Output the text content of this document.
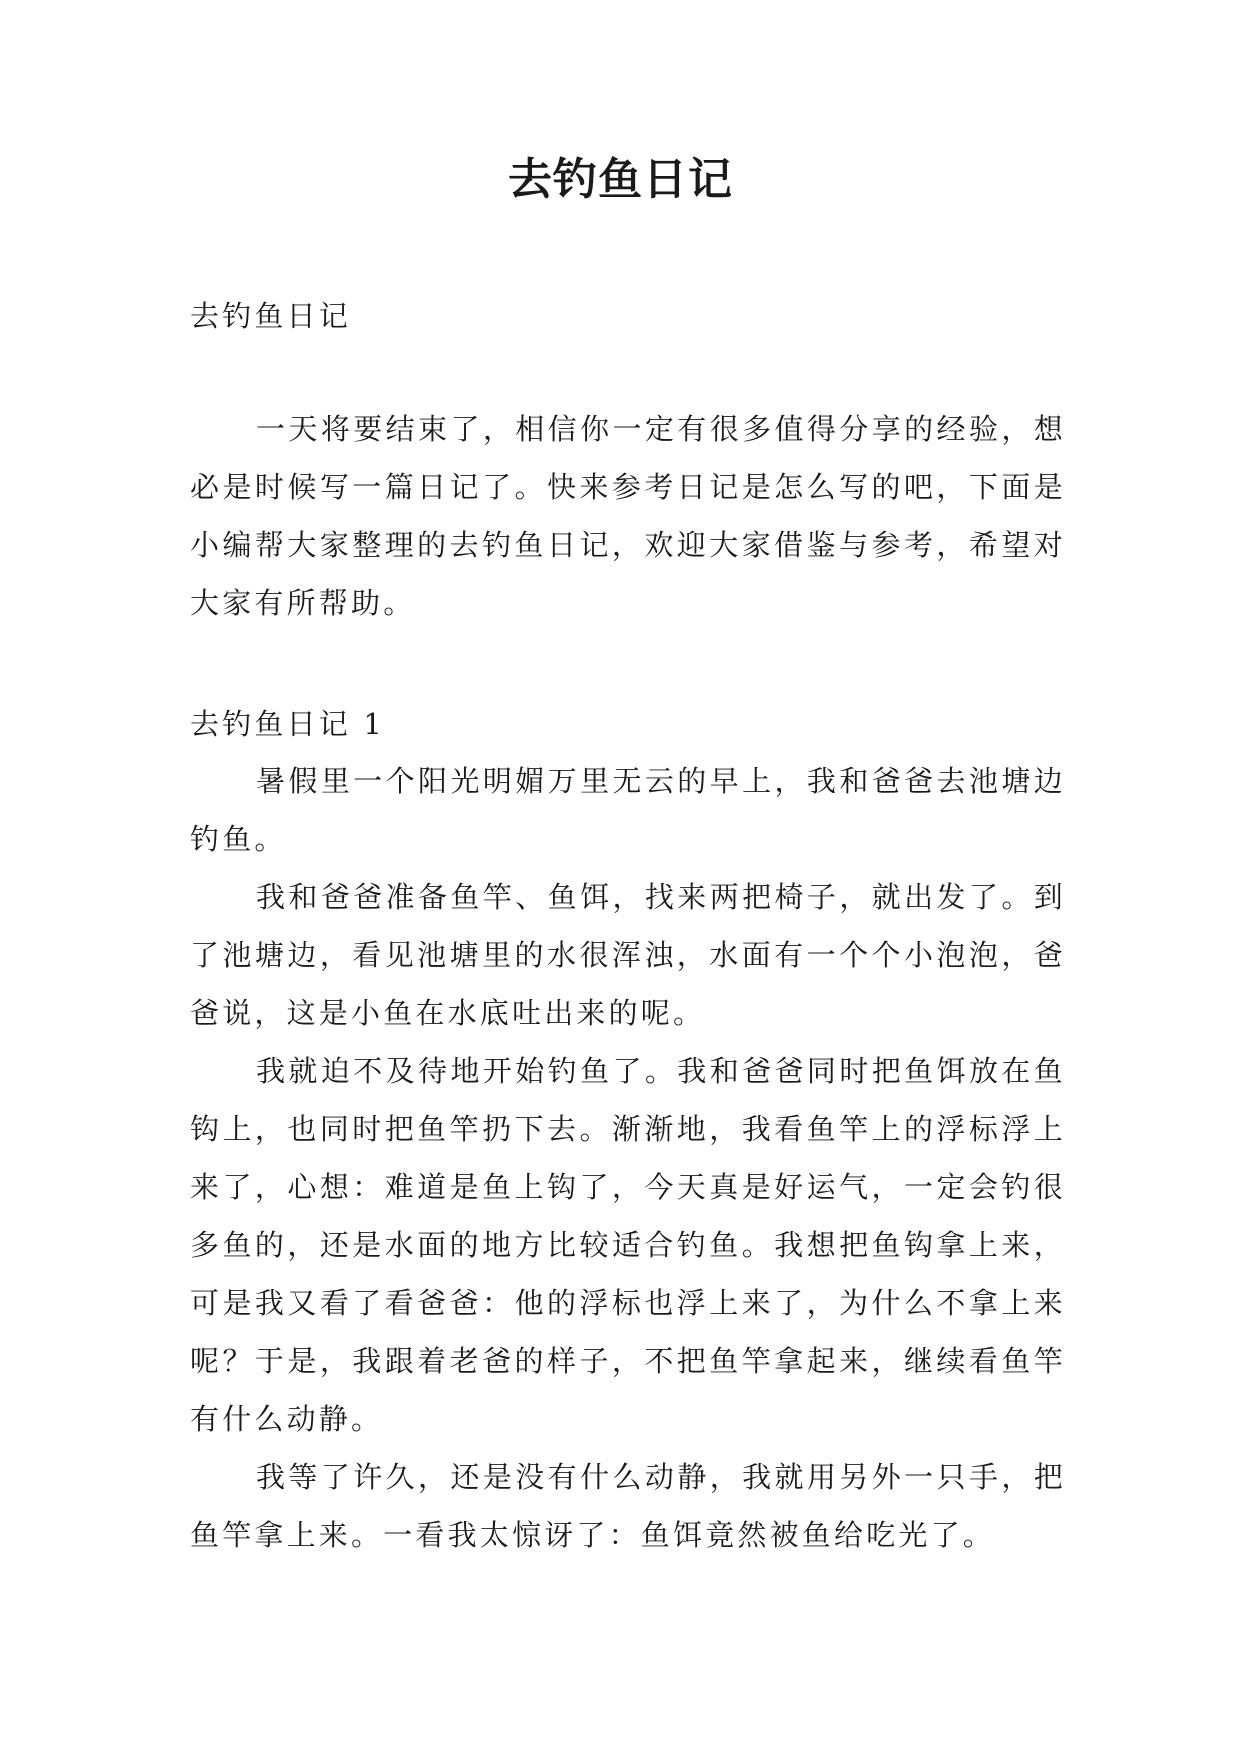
去钓鱼日记
去钓鱼日记
一天将要结束了，相信你一定有很多值得分享的经验，想必是时候写一篇日记了。快来参考日记是怎么写的吧，下面是小编帮大家整理的去钓鱼日记，欢迎大家借鉴与参考，希望对大家有所帮助。
去钓鱼日记 1

暑假里一个阳光明媚万里无云的早上，我和爸爸去池塘边钓鱼。

我和爸爸准备鱼竿、鱼饵，找来两把椅子，就出发了。到了池塘边，看见池塘里的水很浑浊，水面有一个个小泡泡，爸爸说，这是小鱼在水底吐出来的呢。

我就迫不及待地开始钓鱼了。我和爸爸同时把鱼饵放在鱼钩上，也同时把鱼竿扔下去。渐渐地，我看鱼竿上的浮标浮上来了，心想：难道是鱼上钩了，今天真是好运气，一定会钓很多鱼的，还是水面的地方比较适合钓鱼。我想把鱼钩拿上来，可是我又看了看爸爸：他的浮标也浮上来了，为什么不拿上来呢？于是，我跟着老爸的样子，不把鱼竿拿起来，继续看鱼竿有什么动静。

我等了许久，还是没有什么动静，我就用另外一只手，把鱼竿拿上来。一看我太惊讶了：鱼饵竟然被鱼给吃光了。
